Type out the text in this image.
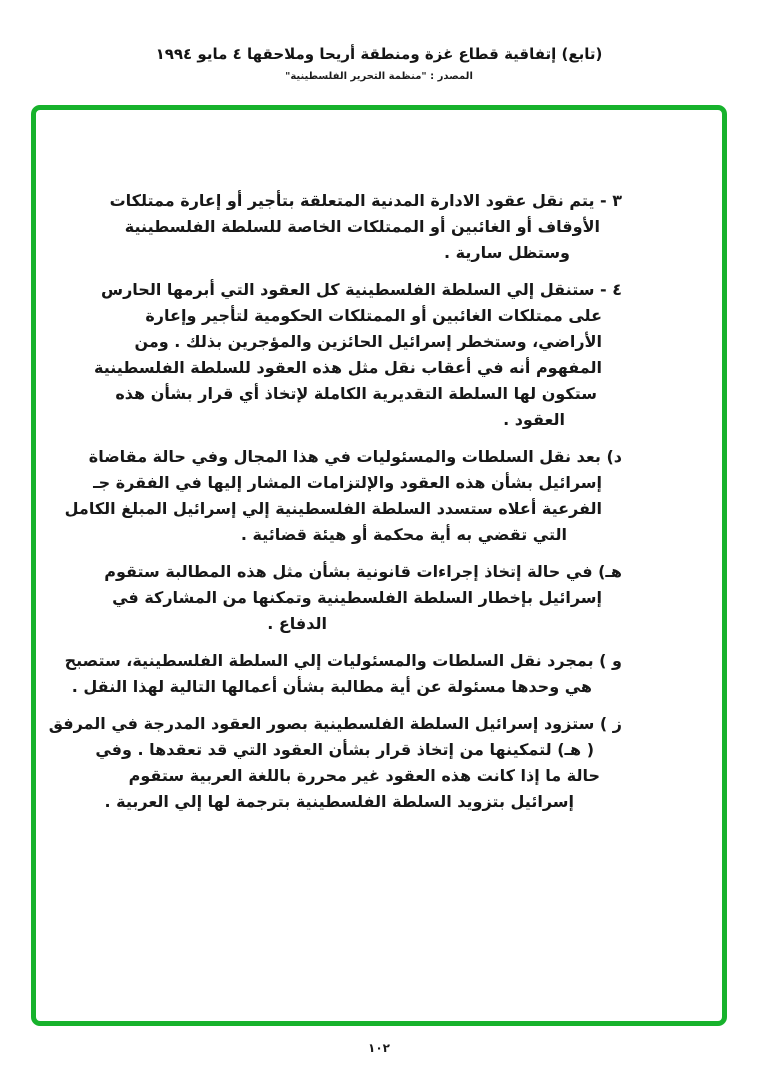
(تابع) إتفاقية قطاع غزة ومنطقة أريحا وملاحقها ٤ مايو ١٩٩٤
المصدر : "منظمة التحرير الفلسطينية"
٣ - يتم نقل عقود الادارة المدنية المتعلقة بتأجير أو إعارة ممتلكات
الأوقاف أو الغائبين أو الممتلكات الخاصة للسلطة الفلسطينية
وستظل سارية .
٤ - ستنقل إلي السلطة الفلسطينية كل العقود التي أبرمها الحارس
على ممتلكات الغائبين أو الممتلكات الحكومية لتأجير وإعارة
الأراضي، وستخطر إسرائيل الحائزين والمؤجرين بذلك . ومن
المفهوم أنه في أعقاب نقل مثل هذه العقود للسلطة الفلسطينية
ستكون لها السلطة التقديرية الكاملة لإتخاذ أي قرار بشأن هذه
العقود .
د) بعد نقل السلطات والمسئوليات في هذا المجال وفي حالة مقاضاة
إسرائيل بشأن هذه العقود والإلتزامات المشار إليها في الفقرة جـ
الفرعية أعلاه ستسدد السلطة الفلسطينية إلي إسرائيل المبلغ الكامل
التي تقضي به أية محكمة أو هيئة قضائية .
هـ) في حالة إتخاذ إجراءات قانونية بشأن مثل هذه المطالبة ستقوم
إسرائيل بإخطار السلطة الفلسطينية وتمكنها من المشاركة في
الدفاع .
و ) بمجرد نقل السلطات والمسئوليات إلي السلطة الفلسطينية، ستصبح
هي وحدها مسئولة عن أية مطالبة بشأن أعمالها التالية لهذا النقل .
ز ) ستزود إسرائيل السلطة الفلسطينية بصور العقود المدرجة في المرفق
( هـ) لتمكينها من إتخاذ قرار بشأن العقود التي قد تعقدها . وفي
حالة ما إذا كانت هذه العقود غير محررة باللغة العربية ستقوم
إسرائيل بتزويد السلطة الفلسطينية بترجمة لها إلي العربية .
١٠٢
